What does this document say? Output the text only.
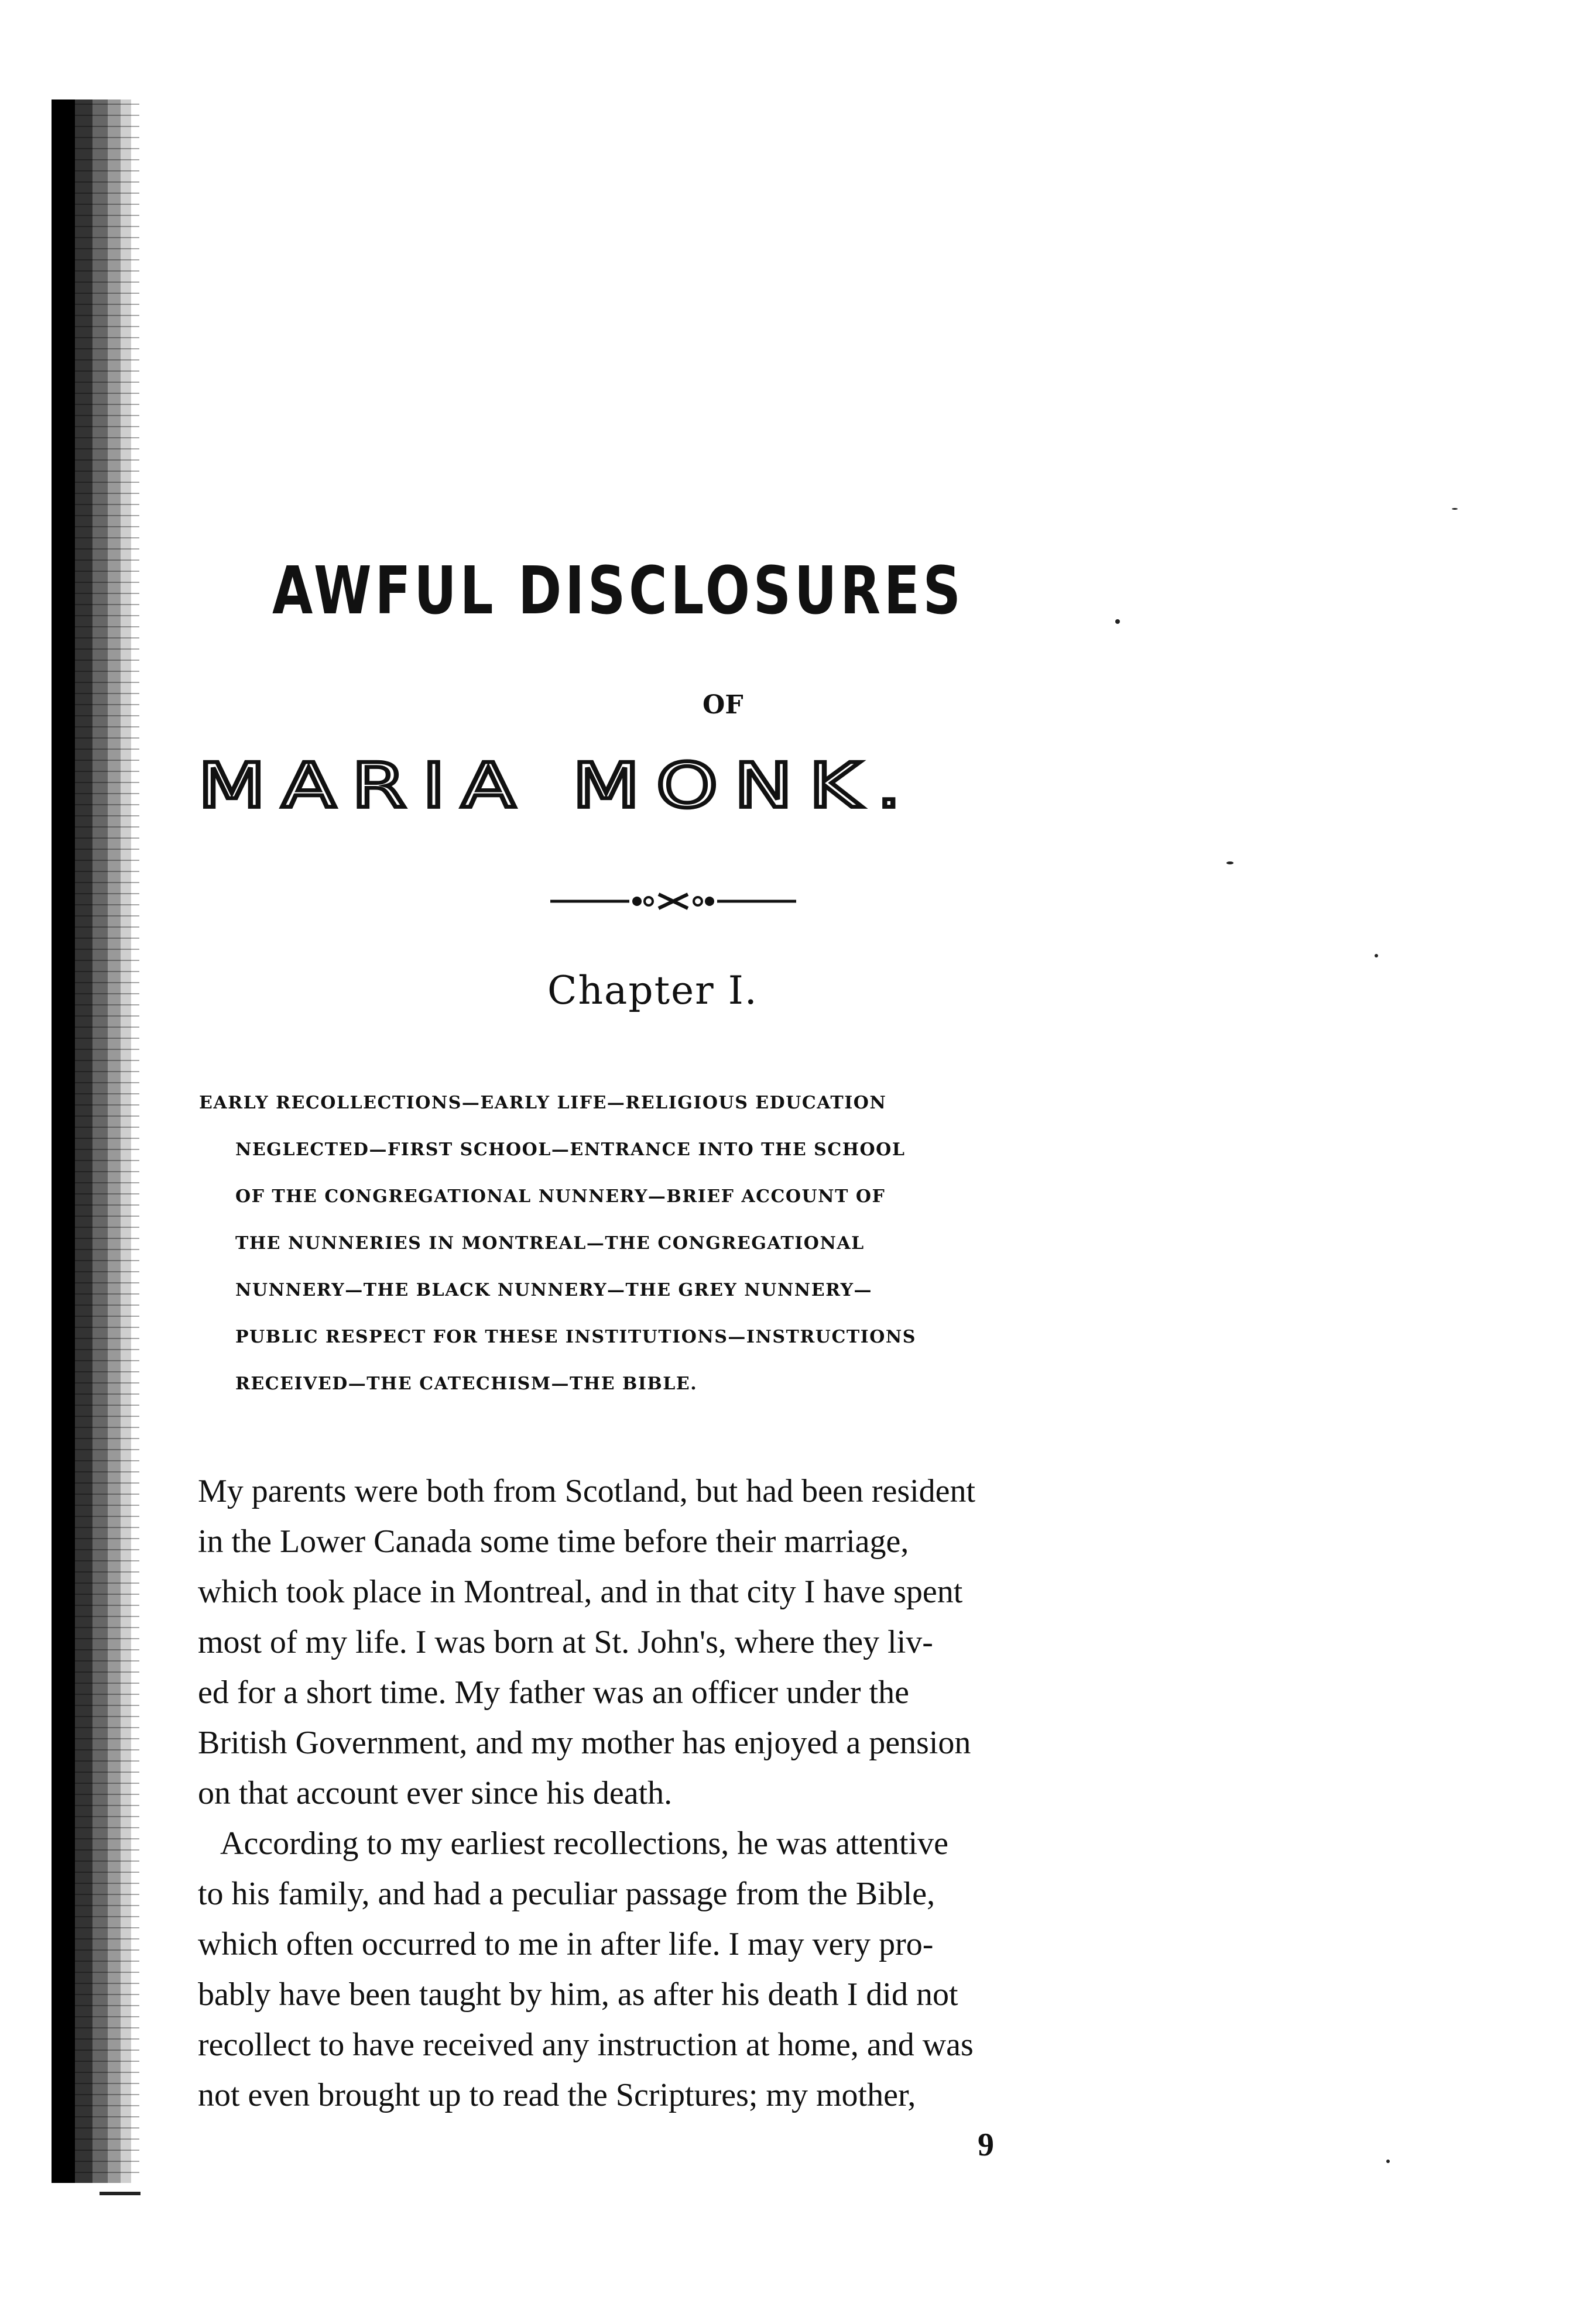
AWFUL DISCLOSURES
OF
MARIA MONK.
Chapter I.
EARLY RECOLLECTIONS—EARLY LIFE—RELIGIOUS EDUCATION
NEGLECTED—FIRST SCHOOL—ENTRANCE INTO THE SCHOOL
OF THE CONGREGATIONAL NUNNERY—BRIEF ACCOUNT OF
THE NUNNERIES IN MONTREAL—THE CONGREGATIONAL
NUNNERY—THE BLACK NUNNERY—THE GREY NUNNERY—
PUBLIC RESPECT FOR THESE INSTITUTIONS—INSTRUCTIONS
RECEIVED—THE CATECHISM—THE BIBLE.
My parents were both from Scotland, but had been resident
in the Lower Canada some time before their marriage,
which took place in Montreal, and in that city I have spent
most of my life. I was born at St. John's, where they liv-
ed for a short time. My father was an officer under the
British Government, and my mother has enjoyed a pension
on that account ever since his death.
According to my earliest recollections, he was attentive
to his family, and had a peculiar passage from the Bible,
which often occurred to me in after life. I may very pro-
bably have been taught by him, as after his death I did not
recollect to have received any instruction at home, and was
not even brought up to read the Scriptures; my mother,
9
